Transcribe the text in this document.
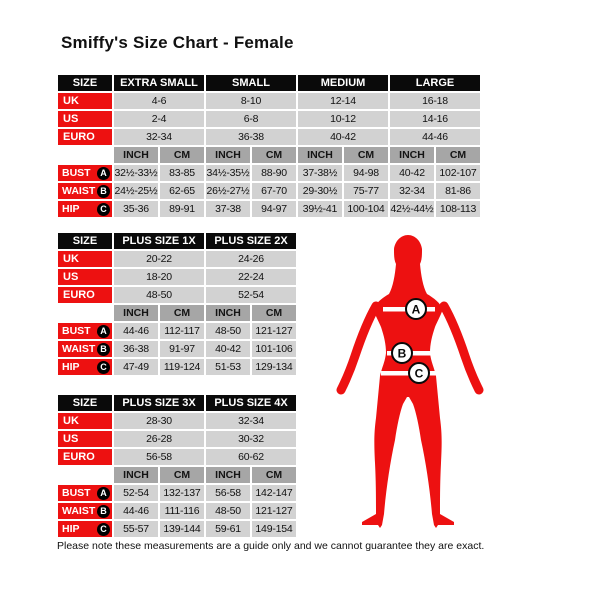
Smiffy's Size Chart - Female
SIZE	EXTRA SMALL		SMALL		MEDIUM		LARGE	
UK	4-6		8-10		12-14		16-18	
US	2-4		6-8		10-12		14-16	
EURO	32-34		36-38		40-42		44-46	
	INCH	CM	INCH	CM	INCH	CM	INCH	CM

BUST A	32½-33½	83-85	34½-35½	88-90	37-38½	94-98	40-42	102-107

WAIST B	24½-25½	62-65	26½-27½	67-70	29-30½	75-77	32-34	81-86

HIP C	35-36	89-91	37-38	94-97	39½-41	100-104	42½-44½	108-113
SIZE	PLUS SIZE 1X		PLUS SIZE 2X	
UK	20-22		24-26	
US	18-20		22-24	
EURO	48-50		52-54	
	INCH	CM	INCH	CM

BUST A	44-46	112-117	48-50	121-127

WAIST B	36-38	91-97	40-42	101-106

HIP C	47-49	119-124	51-53	129-134
SIZE	PLUS SIZE 3X		PLUS SIZE 4X	
UK	28-30		32-34	
US	26-28		30-32	
EURO	56-58		60-62	
	INCH	CM	INCH	CM

BUST A	52-54	132-137	56-58	142-147

WAIST B	44-46	111-116	48-50	121-127

HIP C	55-57	139-144	59-61	149-154
A
B
C

Please note these measurements are a guide only and we cannot guarantee they are exact.
